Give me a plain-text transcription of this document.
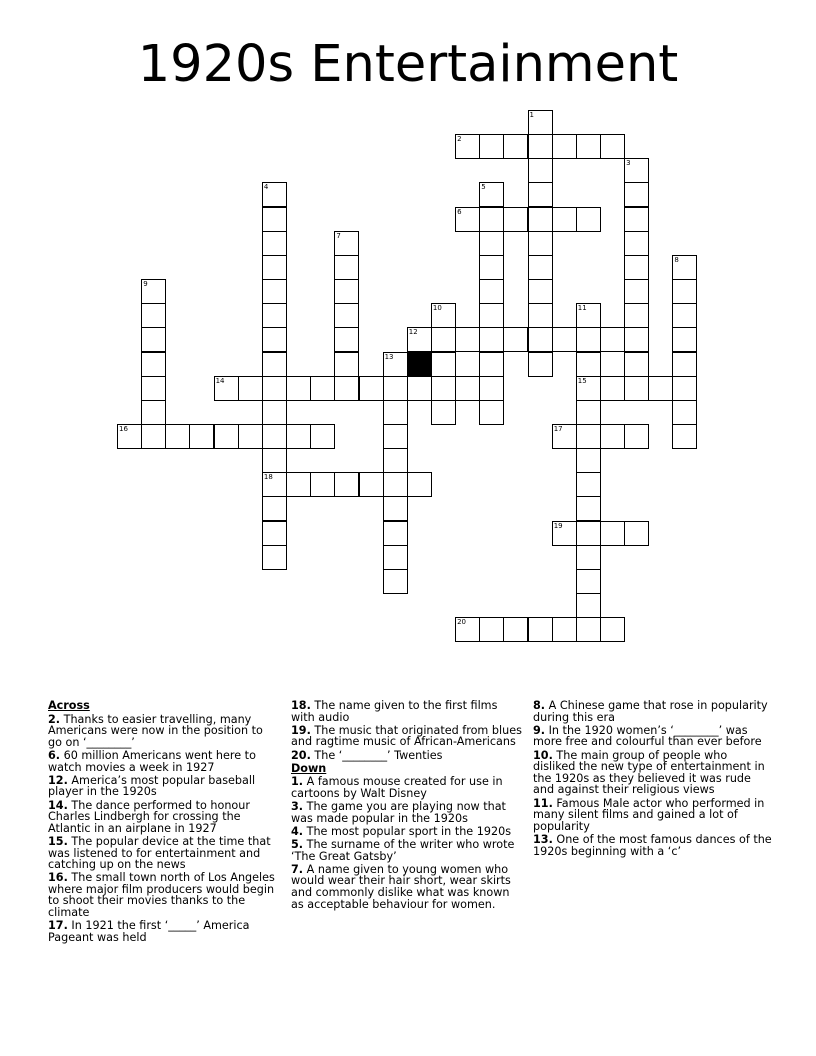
1920s Entertainment
2
6
12
14	15
16	17
18
19
20
1
3
4	5
7
8
9
10	11
13
Across
2. Thanks to easier travelling, many Americans were now in the position to go on ‘________’
6. 60 million Americans went here to watch movies a week in 1927
12. America’s most popular baseball player in the 1920s
14. The dance performed to honour Charles Lindbergh for crossing the Atlantic in an airplane in 1927
15. The popular device at the time that was listened to for entertainment and catching up on the news
16. The small town north of Los Angeles where major film producers would begin to shoot their movies thanks to the climate
17. In 1921 the first ‘_____’ America Pageant was held
18. The name given to the first films with audio
19. The music that originated from blues and ragtime music of African-Americans
20. The ‘________’ Twenties
Down
1. A famous mouse created for use in cartoons by Walt Disney
3. The game you are playing now that was made popular in the 1920s
4. The most popular sport in the 1920s
5. The surname of the writer who wrote ‘The Great Gatsby’
7. A name given to young women who would wear their hair short, wear skirts and commonly dislike what was known as acceptable behaviour for women.
8. A Chinese game that rose in popularity during this era
9. In the 1920 women’s ‘________’ was more free and colourful than ever before
10. The main group of people who disliked the new type of entertainment in the 1920s as they believed it was rude and against their religious views
11. Famous Male actor who performed in many silent films and gained a lot of popularity
13. One of the most famous dances of the 1920s beginning with a ‘c’
